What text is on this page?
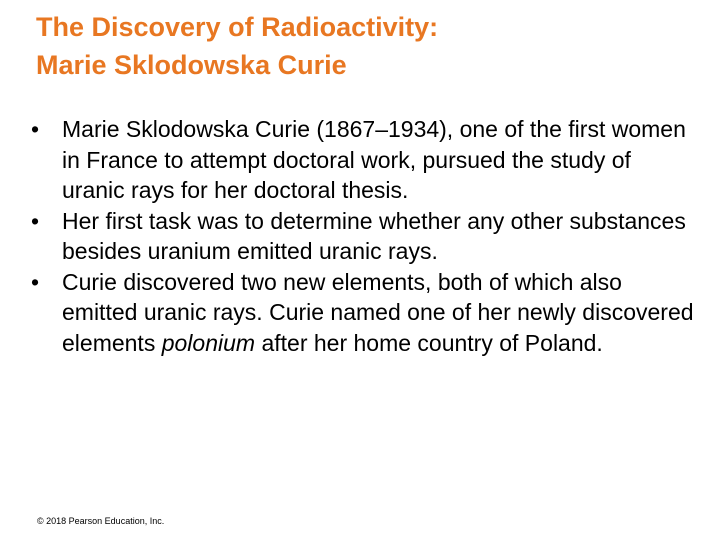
The Discovery of Radioactivity:
Marie Sklodowska Curie
• Marie Sklodowska Curie (1867–1934), one of the first women in France to attempt doctoral work, pursued the study of uranic rays for her doctoral thesis.
• Her first task was to determine whether any other substances besides uranium emitted uranic rays.
• Curie discovered two new elements, both of which also emitted uranic rays. Curie named one of her newly discovered elements polonium after her home country of Poland.
© 2018 Pearson Education, Inc.
